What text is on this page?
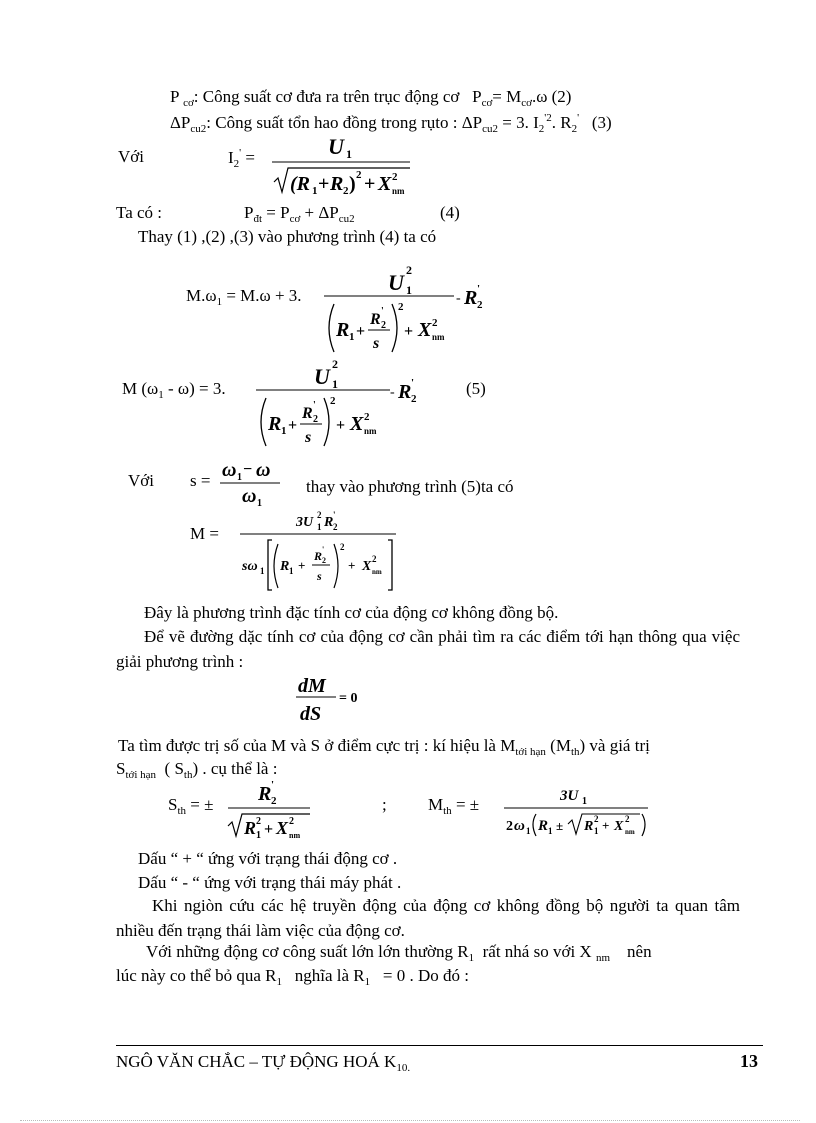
P $_{cơ}$: Công suất cơ đưa ra trên trục động cơ   $P_{cơ}= M_{cơ}.\omega$ (2)
$\Delta P_{cu2}$: Công suất tổn hao đồng trong rụto : $\Delta P_{cu2} = 3$. $I_2^{'2}$. $R_2'$ (3)
Với	$I_2'$ =	U 1
(R 1 + R 2 ) 2 + X 2
nm
Ta có :	$P_{đt} = P_{cơ} + \Delta P_{cu2}$	(4)
Thay (1) ,(2) ,(3) vào phương trình (4) ta có
$M.\omega_1 = M.\omega + 3$.
U 1
2
- R 2
'
R 1 +
R 2
'
s
2
+ X 2
nm
M $(\omega_1 - \omega) = 3$.	U 1
2
- R 2
'
R 1 +
R 2
'
s
2
+ X 2
nm
(5)
Với s = ω 1 − ω
ω 1
thay vào phương trình (5)ta có
M =
3U 1
2 R 2
'
sω 1 R 1 +
R 2
'
s
2
+ X 2
nm
Đây là phương trình đặc tính cơ của động cơ không đồng bộ.
Để vẽ đường dặc tính cơ của động cơ cần phải tìm ra các điểm tới hạn thông qua việc giải phương trình :
dM
dS
= 0
Ta tìm được trị số của M và S ở điểm cực trị : kí hiệu là $M_{tới hạn}$ $(M_{th})$ và giá trị
$S_{tới hạn}$ ( $S_{th}$) . cụ thể là :
$S_{th}$ = ± R 2
'
R 1
2 + X 2
nm
; $M_{th}$ = ±	3U 1
2 ω 1 R 1 ± R 1
2 + X 2
nm
Dấu “ + “ ứng với trạng thái động cơ .
Dấu “ - “ ứng với trạng thái máy phát .
Khi ngiòn cứu các hệ truyền động của động cơ không đồng bộ người ta quan tâm nhiều đến trạng thái làm việc của động cơ.
Với những động cơ công suất lớn lớn thường $R_1$ rất nhá so với X $_{nm}$    nên
lúc này co thể bỏ qua $R_1$ nghĩa là $R_1 = 0$ . Do đó :
NGÔ VĂN CHẮC – TỰ ĐỘNG HOÁ $K_{10.}$	13
